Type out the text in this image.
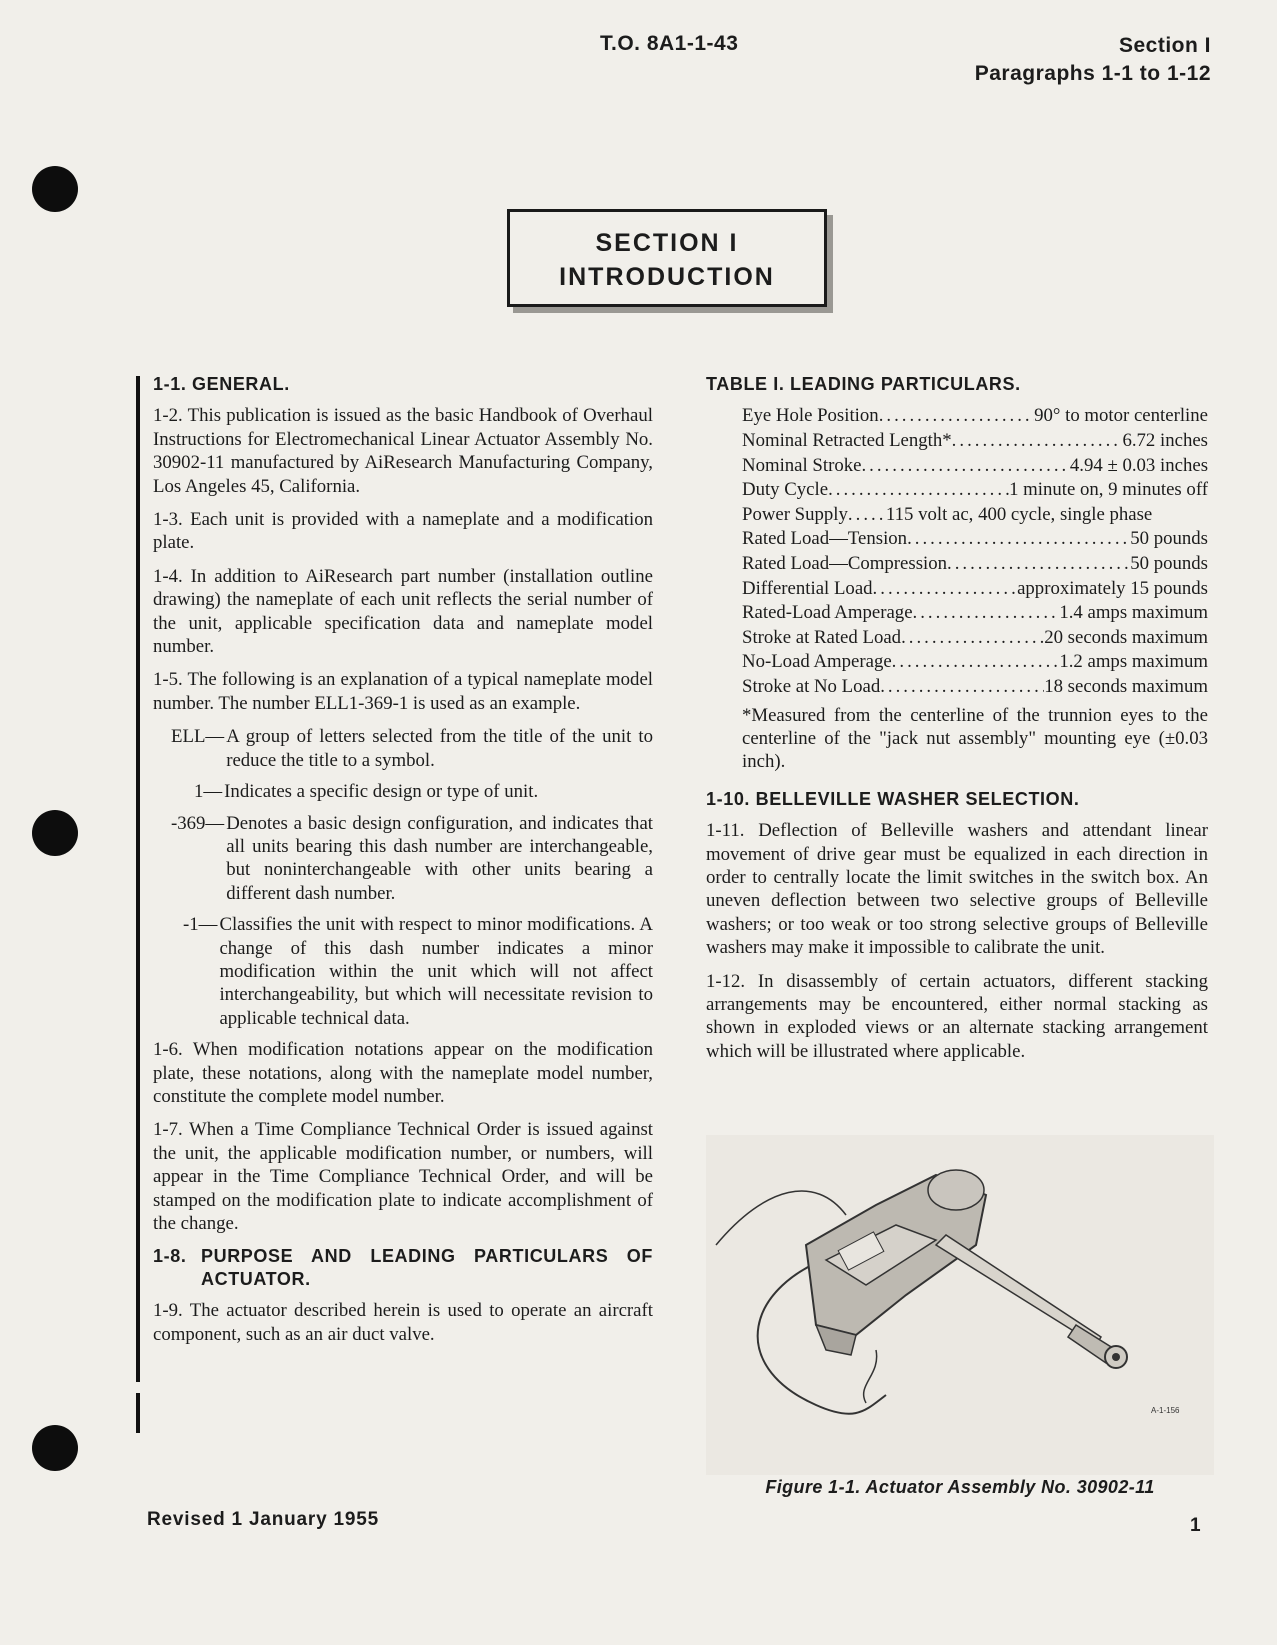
T.O. 8A1-1-43	Section I
Paragraphs 1-1 to 1-12
SECTION I
INTRODUCTION
1-1. GENERAL.

1-2. This publication is issued as the basic Handbook of Overhaul Instructions for Electromechanical Linear Actuator Assembly No. 30902-11 manufactured by AiResearch Manufacturing Company, Los Angeles 45, California.

1-3. Each unit is provided with a nameplate and a modification plate.

1-4. In addition to AiResearch part number (installation outline drawing) the nameplate of each unit reflects the serial number of the unit, applicable specification data and nameplate model number.

1-5. The following is an explanation of a typical nameplate model number. The number ELL1-369-1 is used as an example.

ELL— A group of letters selected from the title of the unit to reduce the title to a symbol.
1— Indicates a specific design or type of unit.
-369— Denotes a basic design configuration, and indicates that all units bearing this dash number are interchangeable, but noninterchangeable with other units bearing a different dash number.
-1— Classifies the unit with respect to minor modifications. A change of this dash number indicates a minor modification within the unit which will not affect interchangeability, but which will necessitate revision to applicable technical data.

1-6. When modification notations appear on the modification plate, these notations, along with the nameplate model number, constitute the complete model number.

1-7. When a Time Compliance Technical Order is issued against the unit, the applicable modification number, or numbers, will appear in the Time Compliance Technical Order, and will be stamped on the modification plate to indicate accomplishment of the change.

1-8. PURPOSE AND LEADING PARTICULARS OF ACTUATOR.

1-9. The actuator described herein is used to operate an aircraft component, such as an air duct valve.

TABLE I. LEADING PARTICULARS.
Eye Hole Position .....	90° to motor centerline
Nominal Retracted Length* .....	6.72 inches
Nominal Stroke .....	4.94 ± 0.03 inches
Duty Cycle .....	1 minute on, 9 minutes off
Power Supply ..... 115 volt ac, 400 cycle, single phase
Rated Load—Tension .....	50 pounds
Rated Load—Compression .....	50 pounds
Differential Load .....	approximately 15 pounds
Rated-Load Amperage .....	1.4 amps maximum
Stroke at Rated Load .....	20 seconds maximum
No-Load Amperage .....	1.2 amps maximum
Stroke at No Load .....	18 seconds maximum

*Measured from the centerline of the trunnion eyes to the centerline of the "jack nut assembly" mounting eye (±0.03 inch).

1-10. BELLEVILLE WASHER SELECTION.

1-11. Deflection of Belleville washers and attendant linear movement of drive gear must be equalized in each direction in order to centrally locate the limit switches in the switch box. An uneven deflection between two selective groups of Belleville washers; or too weak or too strong selective groups of Belleville washers may make it impossible to calibrate the unit.

1-12. In disassembly of certain actuators, different stacking arrangements may be encountered, either normal stacking as shown in exploded views or an alternate stacking arrangement which will be illustrated where applicable.

A-1-156
Figure 1-1. Actuator Assembly No. 30902-11
Revised 1 January 1955	1
